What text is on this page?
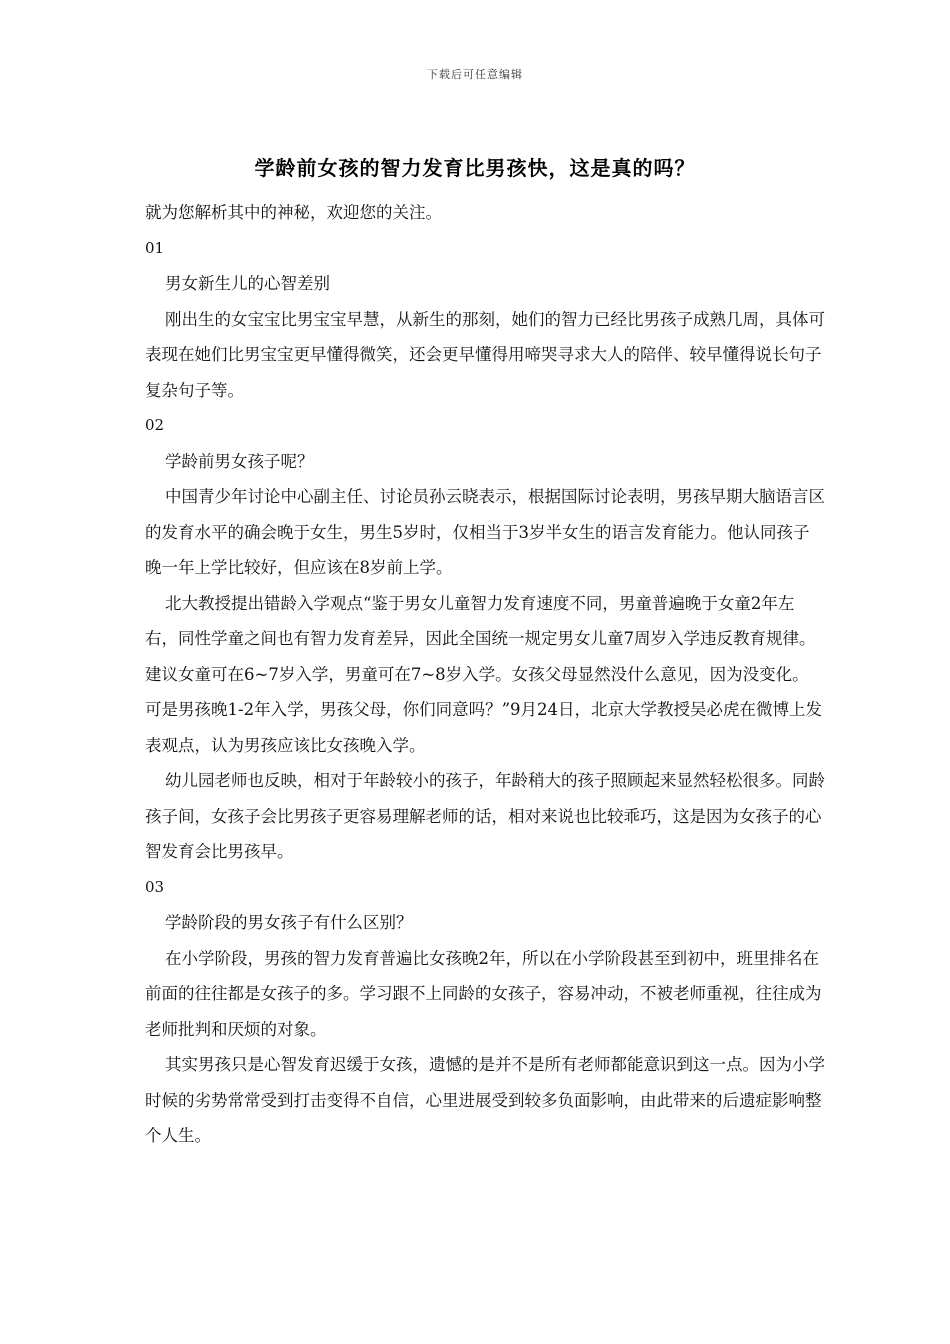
下载后可任意编辑
学龄前女孩的智力发育比男孩快，这是真的吗？

就为您解析其中的神秘，欢迎您的关注。

01

男女新生儿的心智差别

刚出生的女宝宝比男宝宝早慧，从新生的那刻，她们的智力已经比男孩子成熟几周，具体可表现在她们比男宝宝更早懂得微笑，还会更早懂得用啼哭寻求大人的陪伴、较早懂得说长句子复杂句子等。

02

学龄前男女孩子呢？

中国青少年讨论中心副主任、讨论员孙云晓表示，根据国际讨论表明，男孩早期大脑语言区的发育水平的确会晚于女生，男生5岁时，仅相当于3岁半女生的语言发育能力。他认同孩子晚一年上学比较好，但应该在8岁前上学。

北大教授提出错龄入学观点“鉴于男女儿童智力发育速度不同，男童普遍晚于女童2年左右，同性学童之间也有智力发育差异，因此全国统一规定男女儿童7周岁入学违反教育规律。建议女童可在6~7岁入学，男童可在7~8岁入学。女孩父母显然没什么意见，因为没变化。可是男孩晚1-2年入学，男孩父母，你们同意吗？”9月24日，北京大学教授吴必虎在微博上发表观点，认为男孩应该比女孩晚入学。

幼儿园老师也反映，相对于年龄较小的孩子，年龄稍大的孩子照顾起来显然轻松很多。同龄孩子间，女孩子会比男孩子更容易理解老师的话，相对来说也比较乖巧，这是因为女孩子的心智发育会比男孩早。

03

学龄阶段的男女孩子有什么区别？

在小学阶段，男孩的智力发育普遍比女孩晚2年，所以在小学阶段甚至到初中，班里排名在前面的往往都是女孩子的多。学习跟不上同龄的女孩子，容易冲动，不被老师重视，往往成为老师批判和厌烦的对象。

其实男孩只是心智发育迟缓于女孩，遗憾的是并不是所有老师都能意识到这一点。因为小学时候的劣势常常受到打击变得不自信，心里进展受到较多负面影响，由此带来的后遗症影响整个人生。
